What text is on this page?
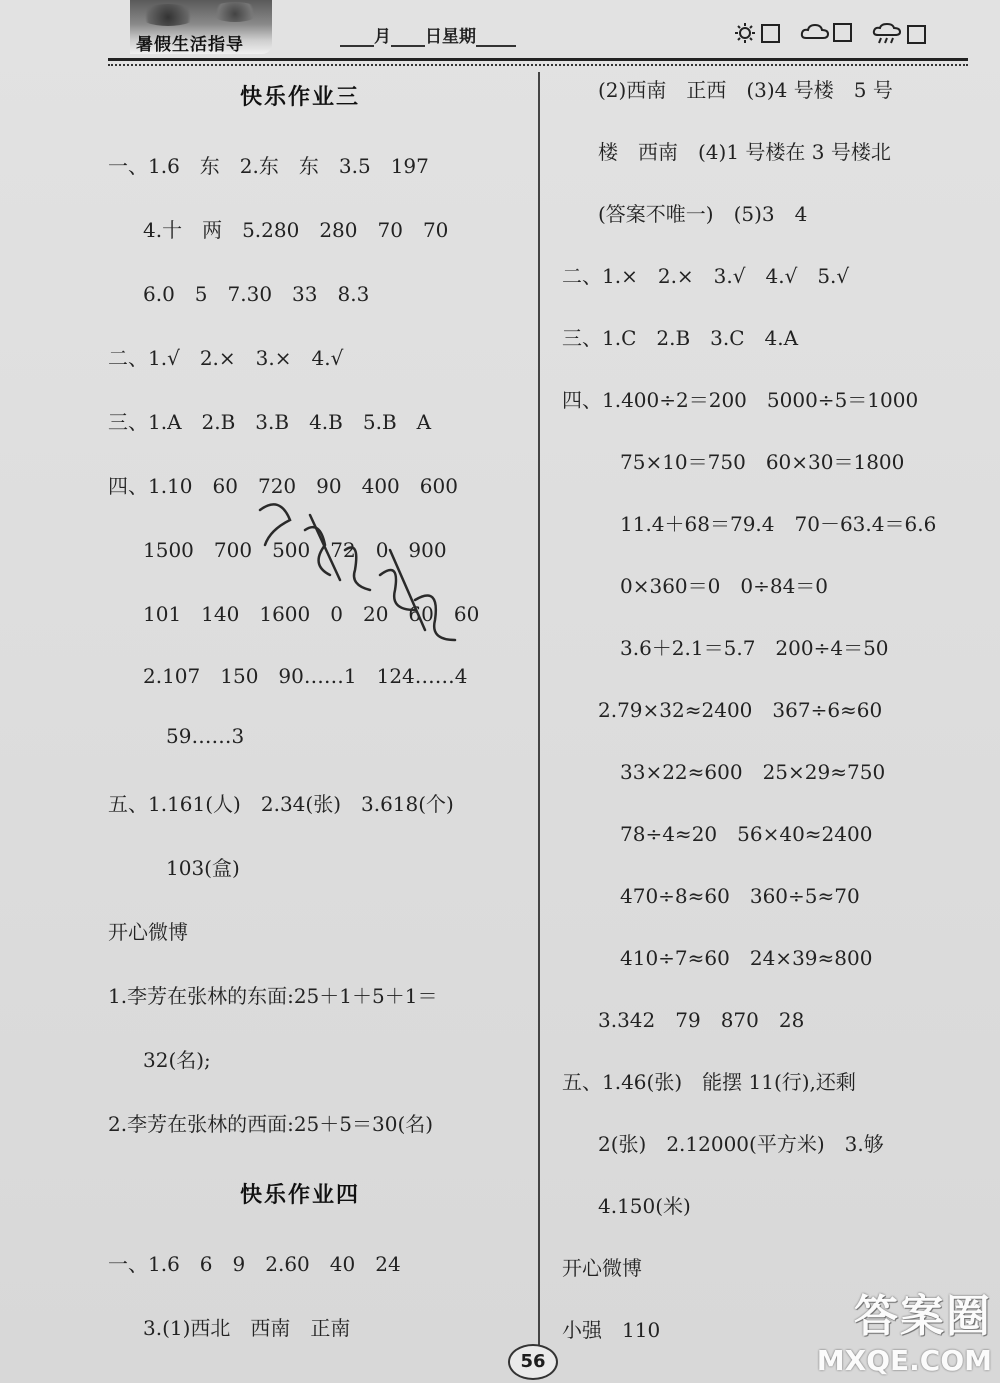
暑假生活指导	月 日星期
快乐作业三
一、1.6　东　2.东　东　3.5　197
4.十　两　5.280　280　70　70
6.0　5　7.30　33　8.3
二、1.√　2.×　3.×　4.√
三、1.A　2.B　3.B　4.B　5.B　A
四、1.10　60　720　90　400　600
1500　700　500　72　0　900
101　140　1600　0　20　60　60
2.107　150　90……1　124……4
59……3
五、1.161(人)　2.34(张)　3.618(个)
103(盒)
开心微博
1.李芳在张林的东面:25＋1＋5＋1＝
32(名);
2.李芳在张林的西面:25＋5＝30(名)
快乐作业四
一、1.6　6　9　2.60　40　24
3.(1)西北　西南　正南
(2)西南　正西　(3)4 号楼　5 号
楼　西南　(4)1 号楼在 3 号楼北
(答案不唯一)　(5)3　4
二、1.×　2.×　3.√　4.√　5.√
三、1.C　2.B　3.C　4.A
四、1.400÷2＝200　5000÷5＝1000
75×10＝750　60×30＝1800
11.4＋68＝79.4　70－63.4＝6.6
0×360＝0　0÷84＝0
3.6＋2.1＝5.7　200÷4＝50
2.79×32≈2400　367÷6≈60
33×22≈600　25×29≈750
78÷4≈20　56×40≈2400
470÷8≈60　360÷5≈70
410÷7≈60　24×39≈800
3.342　79　870　28
五、1.46(张)　能摆 11(行),还剩
2(张)　2.12000(平方米)　3.够
4.150(米)
开心微博
小强　110
56
答案圈
MXQE.COM
